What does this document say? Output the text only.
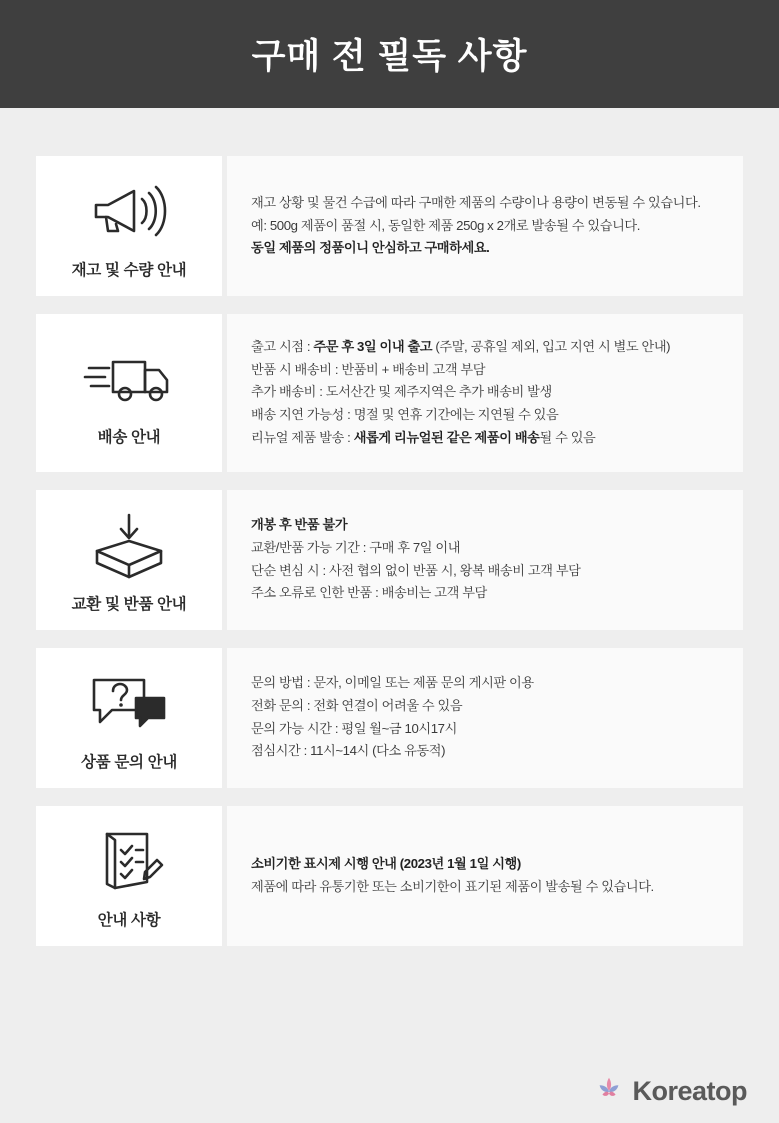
구매 전 필독 사항
재고 및 수량 안내
재고 상황 및 물건 수급에 따라 구매한 제품의 수량이나 용량이 변동될 수 있습니다.
예: 500g 제품이 품절 시, 동일한 제품 250g x 2개로 발송될 수 있습니다.
동일 제품의 정품이니 안심하고 구매하세요.
배송 안내
출고 시점 : 주문 후 3일 이내 출고 (주말, 공휴일 제외, 입고 지연 시 별도 안내)
반품 시 배송비 : 반품비 + 배송비 고객 부담
추가 배송비 : 도서산간 및 제주지역은 추가 배송비 발생
배송 지연 가능성 : 명절 및 연휴 기간에는 지연될 수 있음
리뉴얼 제품 발송 : 새롭게 리뉴얼된 같은 제품이 배송될 수 있음
교환 및 반품 안내
개봉 후 반품 불가
교환/반품 가능 기간 : 구매 후 7일 이내
단순 변심 시 : 사전 협의 없이 반품 시, 왕복 배송비 고객 부담
주소 오류로 인한 반품 : 배송비는 고객 부담
상품 문의 안내
문의 방법 : 문자, 이메일 또는 제품 문의 게시판 이용
전화 문의 : 전화 연결이 어려울 수 있음
문의 가능 시간 : 평일 월~금 10시17시
점심시간 : 11시~14시 (다소 유동적)
안내 사항
소비기한 표시제 시행 안내 (2023년 1월 1일 시행)
제품에 따라 유통기한 또는 소비기한이 표기된 제품이 발송될 수 있습니다.
Koreatop
